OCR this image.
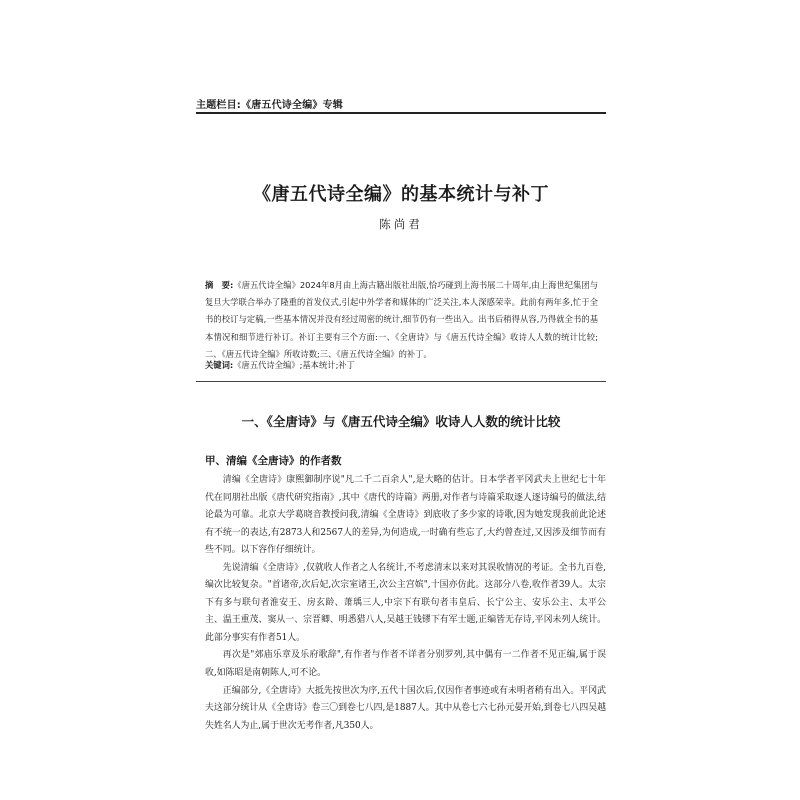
主题栏目:《唐五代诗全编》专辑
《唐五代诗全编》的基本统计与补丁
陈尚君
摘　要:《唐五代诗全编》2024年8月由上海古籍出版社出版,恰巧碰到上海书展二十周年,由上海世纪集团与复旦大学联合举办了隆重的首发仪式,引起中外学者和媒体的广泛关注,本人深感荣幸。此前有两年多,忙于全书的校订与定稿,一些基本情况并没有经过周密的统计,细节仍有一些出入。出书后稍得从容,乃得就全书的基本情况和细节进行补订。补订主要有三个方面:一、《全唐诗》与《唐五代诗全编》收诗人人数的统计比较;二、《唐五代诗全编》所收诗数;三、《唐五代诗全编》的补丁。
关键词:《唐五代诗全编》;基本统计;补丁
一、《全唐诗》与《唐五代诗全编》收诗人人数的统计比较
甲、清编《全唐诗》的作者数

清编《全唐诗》康熙御制序说"凡二千二百余人",是大略的估计。日本学者平冈武夫上世纪七十年代在同朋社出版《唐代研究指南》,其中《唐代的诗篇》两册,对作者与诗篇采取逐人逐诗编号的做法,结论最为可靠。北京大学葛晓音教授问我,清编《全唐诗》到底收了多少家的诗歌,因为她发现我前此论述有不统一的表达,有2873人和2567人的差异,为何造成,一时确有些忘了,大约曾查过,又因涉及细节而有些不同。以下容作仔细统计。

先说清编《全唐诗》,仅就收人作者之人名统计,不考虑清末以来对其误收情况的考证。全书九百卷,编次比较复杂。"首诸帝,次后妃,次宗室诸王,次公主宫嫔",十国亦仿此。这部分八卷,收作者39人。太宗下有多与联句者淮安王、房玄龄、萧瑀三人,中宗下有联句者韦皇后、长宁公主、安乐公主、太平公主、温王重茂、窦从一、宗晋卿、明悉猎八人,吴越王钱镠下有军士题,正编皆无存诗,平冈未列人统计。此部分事实有作者51人。

再次是"郊庙乐章及乐府歌辞",有作者与作者不详者分别罗列,其中偶有一二作者不见正编,属于误收,如陈昭是南朝陈人,可不论。

正编部分,《全唐诗》大抵先按世次为序,五代十国次后,仅因作者事迹或有未明者稍有出入。平冈武夫这部分统计从《全唐诗》卷三〇到卷七八四,是1887人。其中从卷七六七孙元晏开始,到卷七八四吴越失姓名人为止,属于世次无考作者,凡350人。
